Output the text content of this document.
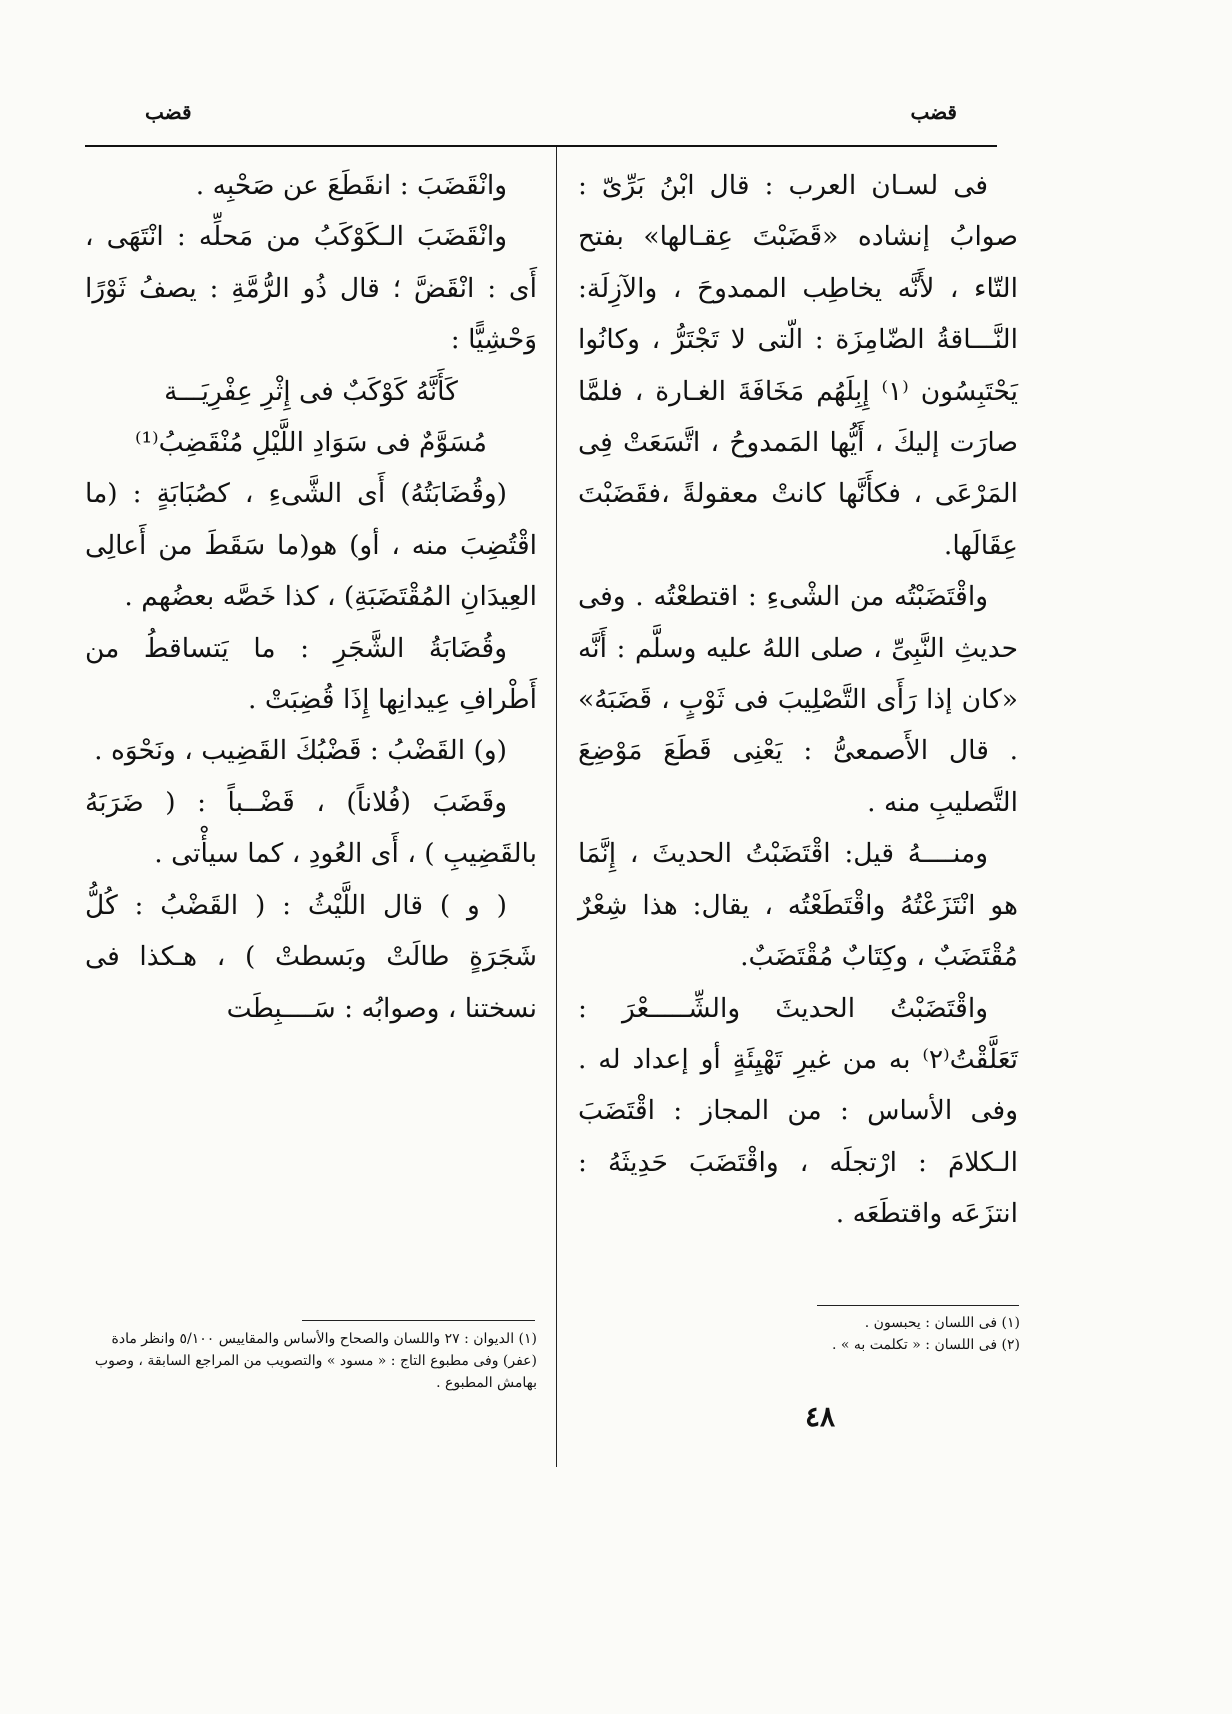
قضب
قضب

فى لسـان العرب : قال ابْنُ بَرِّىّ : صوابُ إنشاده «قَضَبْتَ عِقـالها» بفتح التّاء ، لأَنَّه يخاطِب الممدوحَ ، والآزِلَة: النَّـــاقةُ الضّامِزَة : الّتى لا تَجْتَرُّ ، وكانُوا يَحْتَبِسُون ⁽١⁾ إِبِلَهُم مَخَافَةَ الغـارة ، فلمَّا صارَت إليكَ ، أَيُّها المَمدوحُ ، اتَّسَعَتْ فِى المَرْعَى ، فكأَنَّها كانتْ معقولةً ،فقَضَبْتَ عِقَالَها.

واقْتَضَبْتُه من الشْىءِ : اقتطعْتُه . وفى حديثِ النَّبِىِّ ، صلى اللهُ عليه وسلَّم : أَنَّه «كان إذا رَأَى التَّصْلِيبَ فى ثَوْبٍ ، قَضَبَهُ» . قال الأَصمعىُّ : يَعْنِى قَطَعَ مَوْضِعَ التَّصليبِ منه .

ومنــــهُ قيل: اقْتَضَبْتُ الحديثَ ، إِنَّمَا هو انْتَزَعْتُهُ واقْتَطَعْتُه ، يقال: هذا شِعْرٌ مُقْتَضَبٌ ، وكِتَابٌ مُقْتَضَبٌ.

واقْتَضَبْتُ الحديثَ والشِّـــــعْرَ : تَعَلَّقْتُ⁽٢⁾ به من غيرِ تَهْيِئَةٍ أو إعداد له . وفى الأساس : من المجاز : اقْتَضَبَ الـكلامَ : ارْتجلَه ، واقْتَضَبَ حَدِيثَهُ : انتزَعَه واقتطَعَه .

وانْقَضَبَ : انقَطَعَ عن صَحْبِه .

وانْقَضَبَ الـكَوْكَبُ من مَحلِّه : انْتَهَى ، أَى : انْقَضَّ ؛ قال ذُو الرُّمَّةِ : يصفُ ثَوْرًا وَحْشِيًّا :

كَأَنَّهُ كَوْكَبٌ فى إِثْرِ عِفْرِيَـــة

مُسَوَّمٌ فى سَوَادِ اللَّيْلِ مُنْقَضِبُ⁽¹⁾

(وقُضَابَتُهُ) أَى الشَّىءِ ، كصُبَابَةٍ : (ما اقْتُضِبَ منه ، أو) هو(ما سَقَطَ من أَعالِى العِيدَانِ المُقْتَضَبَةِ) ، كذا خَصَّه بعضُهم .

وقُضَابَةُ الشَّجَرِ : ما يَتساقطُ من أَطْرافِ عِيدانِها إِذَا قُضِبَتْ .

(و) القَضْبُ : قَضْبُكَ القَضِيب ، ونَحْوَه .

وقَضَبَ (فُلاناً) ، قَضْــباً : ( ضَرَبَهُ بالقَضِيبِ ) ، أَى العُودِ ، كما سيأْتى .

( و ) قال اللَّيْثُ : ( القَضْبُ : كُلُّ شَجَرَةٍ طالَتْ وبَسطتْ ) ، هـكذا فى نسختنا ، وصوابُه : سَــــبِطَت

٤٨

(١) فى اللسان : يحبسون .

(٢) فى اللسان : « تكلمت به » .

(١) الديوان : ٢٧ واللسان والصحاح والأساس والمقاييس ٥/١٠٠ وانظر مادة (عفر) وفى مطبوع التاج : « مسود » والتصويب من المراجع السابقة ، وصوب بهامش المطبوع .
